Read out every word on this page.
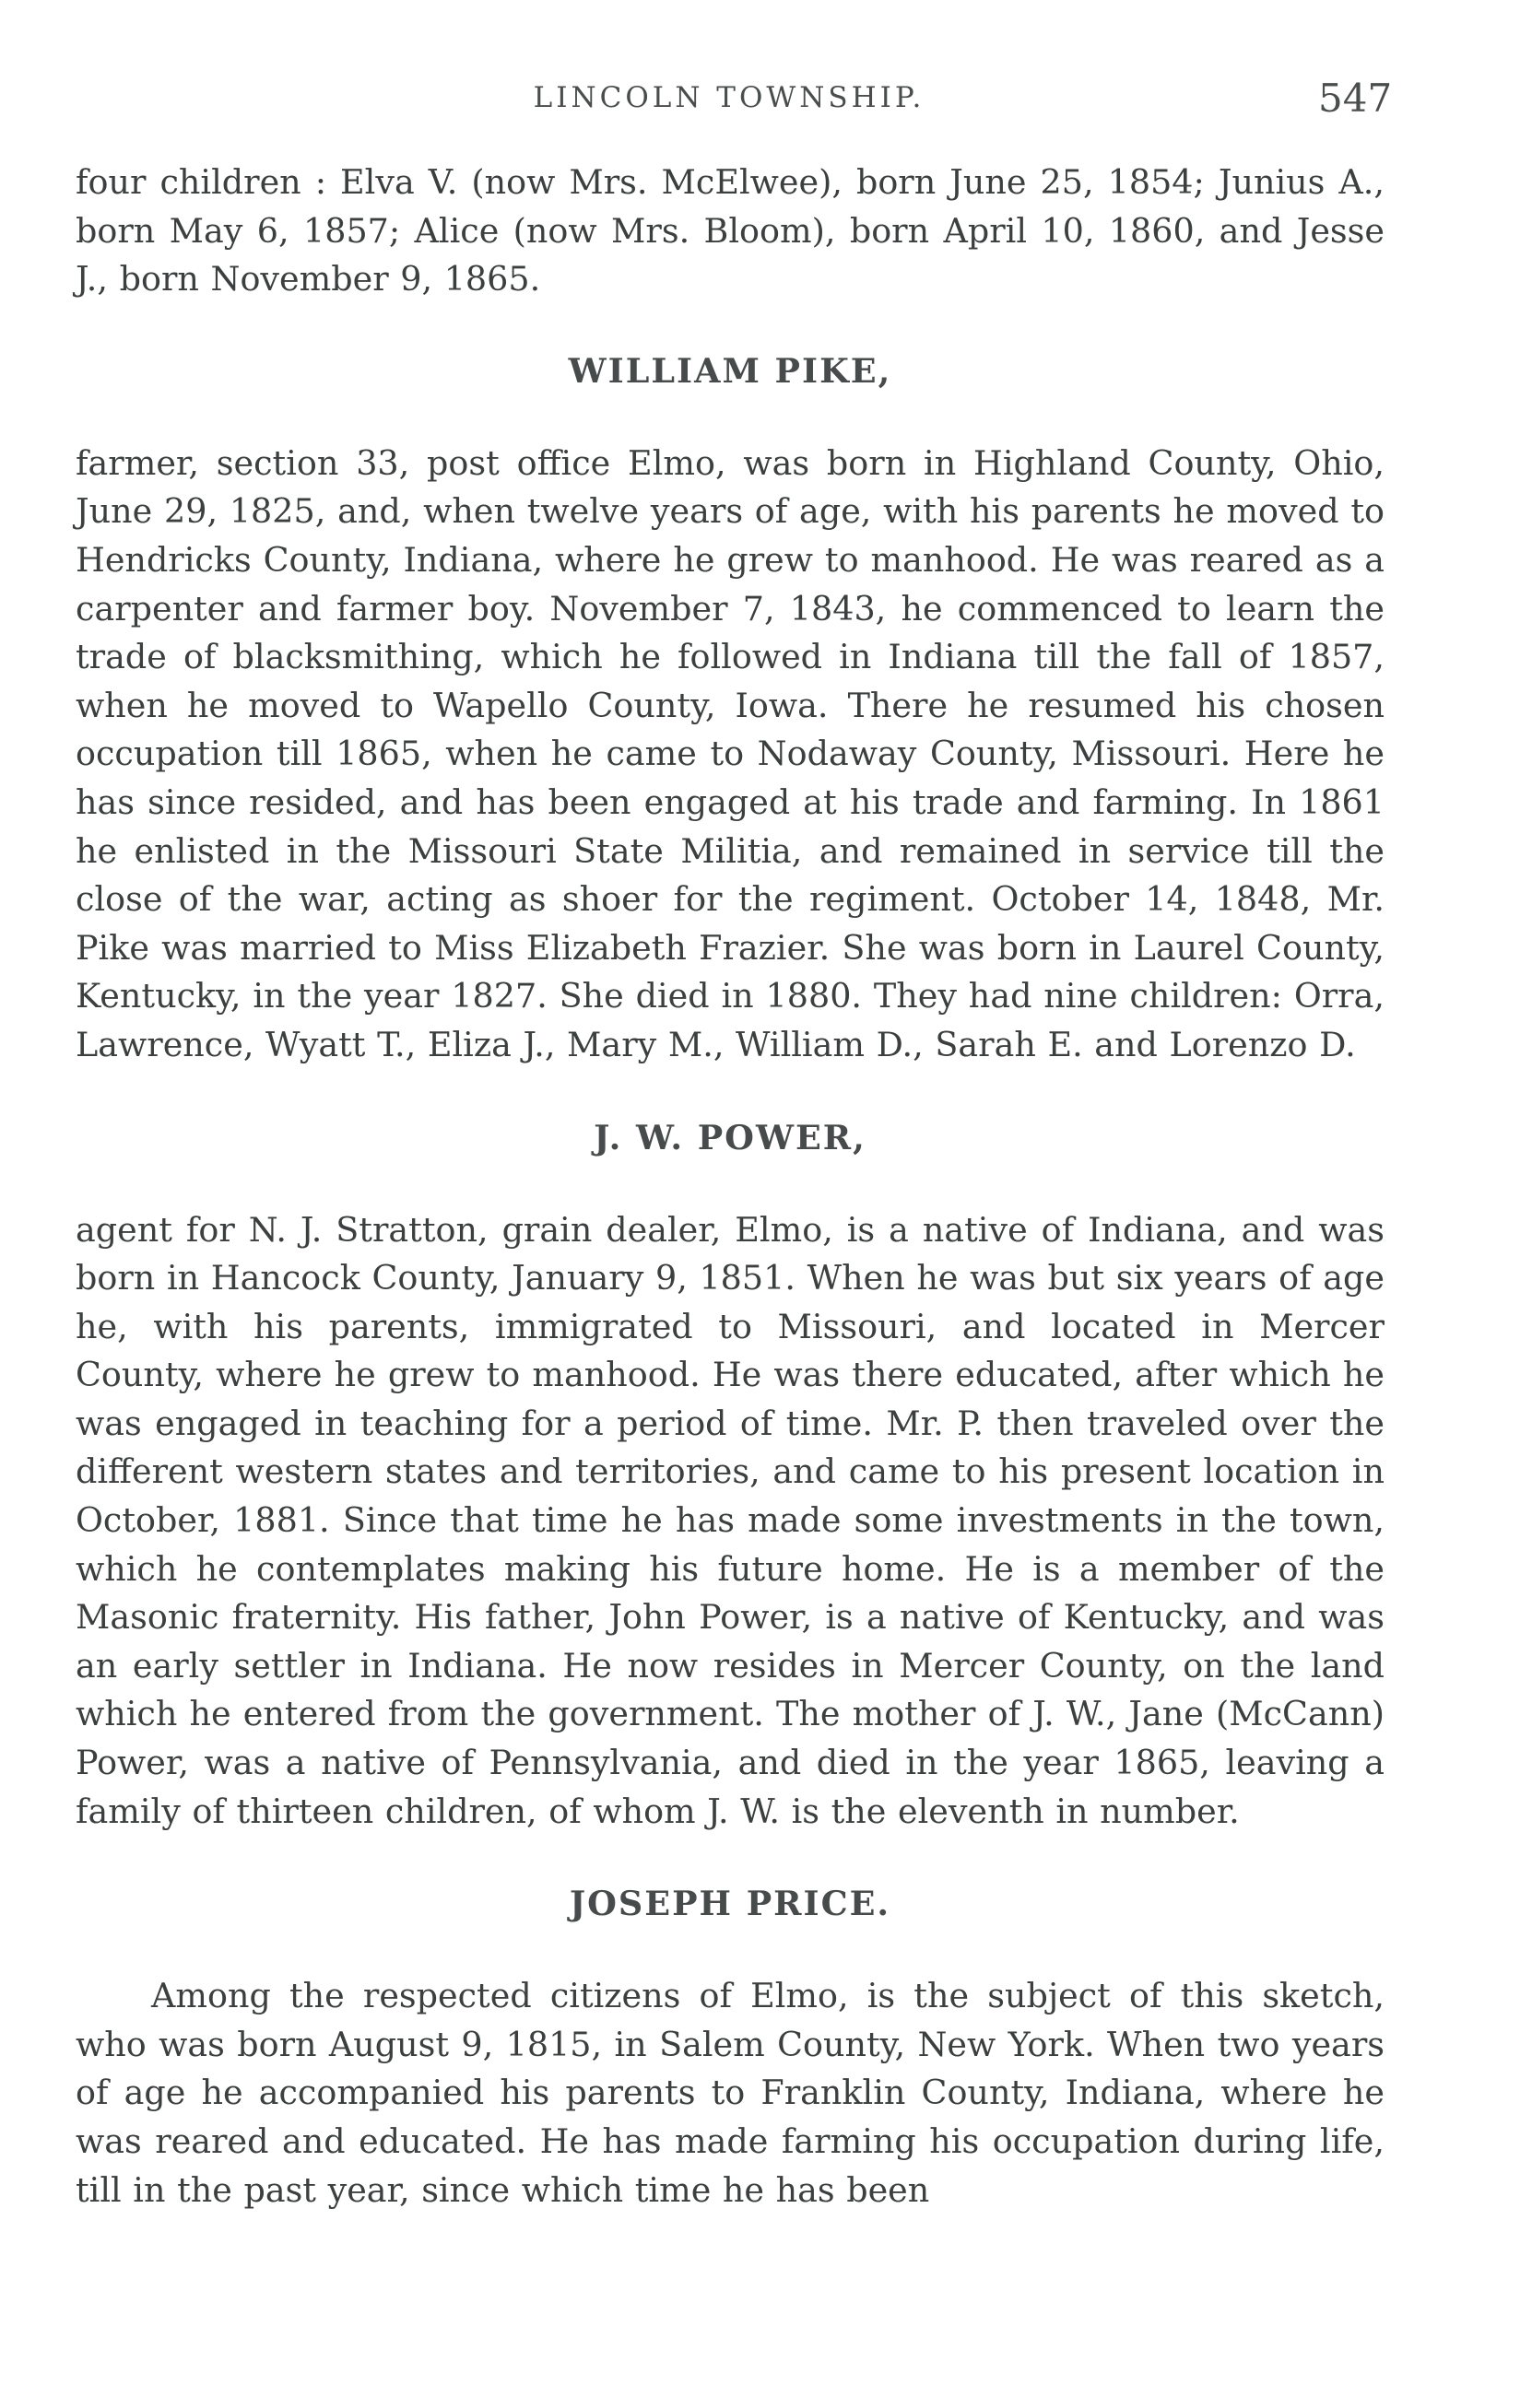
LINCOLN TOWNSHIP.	547

four children : Elva V. (now Mrs. McElwee), born June 25, 1854; Junius A., born May 6, 1857; Alice (now Mrs. Bloom), born April 10, 1860, and Jesse J., born November 9, 1865.

WILLIAM PIKE,

farmer, section 33, post office Elmo, was born in Highland County, Ohio, June 29, 1825, and, when twelve years of age, with his parents he moved to Hendricks County, Indiana, where he grew to manhood. He was reared as a carpenter and farmer boy. November 7, 1843, he commenced to learn the trade of blacksmithing, which he followed in Indiana till the fall of 1857, when he moved to Wapello County, Iowa. There he resumed his chosen occupation till 1865, when he came to Nodaway County, Missouri. Here he has since resided, and has been engaged at his trade and farming. In 1861 he enlisted in the Missouri State Militia, and remained in service till the close of the war, acting as shoer for the regiment. October 14, 1848, Mr. Pike was married to Miss Elizabeth Frazier. She was born in Laurel County, Kentucky, in the year 1827. She died in 1880. They had nine children: Orra, Lawrence, Wyatt T., Eliza J., Mary M., William D., Sarah E. and Lorenzo D.

J. W. POWER,

agent for N. J. Stratton, grain dealer, Elmo, is a native of Indiana, and was born in Hancock County, January 9, 1851. When he was but six years of age he, with his parents, immigrated to Missouri, and located in Mercer County, where he grew to manhood. He was there educated, after which he was engaged in teaching for a period of time. Mr. P. then traveled over the different western states and territories, and came to his present location in October, 1881. Since that time he has made some investments in the town, which he contemplates making his future home. He is a member of the Masonic fraternity. His father, John Power, is a native of Kentucky, and was an early settler in Indiana. He now resides in Mercer County, on the land which he entered from the government. The mother of J. W., Jane (McCann) Power, was a native of Pennsylvania, and died in the year 1865, leaving a family of thirteen children, of whom J. W. is the eleventh in number.

JOSEPH PRICE.

Among the respected citizens of Elmo, is the subject of this sketch, who was born August 9, 1815, in Salem County, New York. When two years of age he accompanied his parents to Franklin County, Indiana, where he was reared and educated. He has made farming his occupation during life, till in the past year, since which time he has been
